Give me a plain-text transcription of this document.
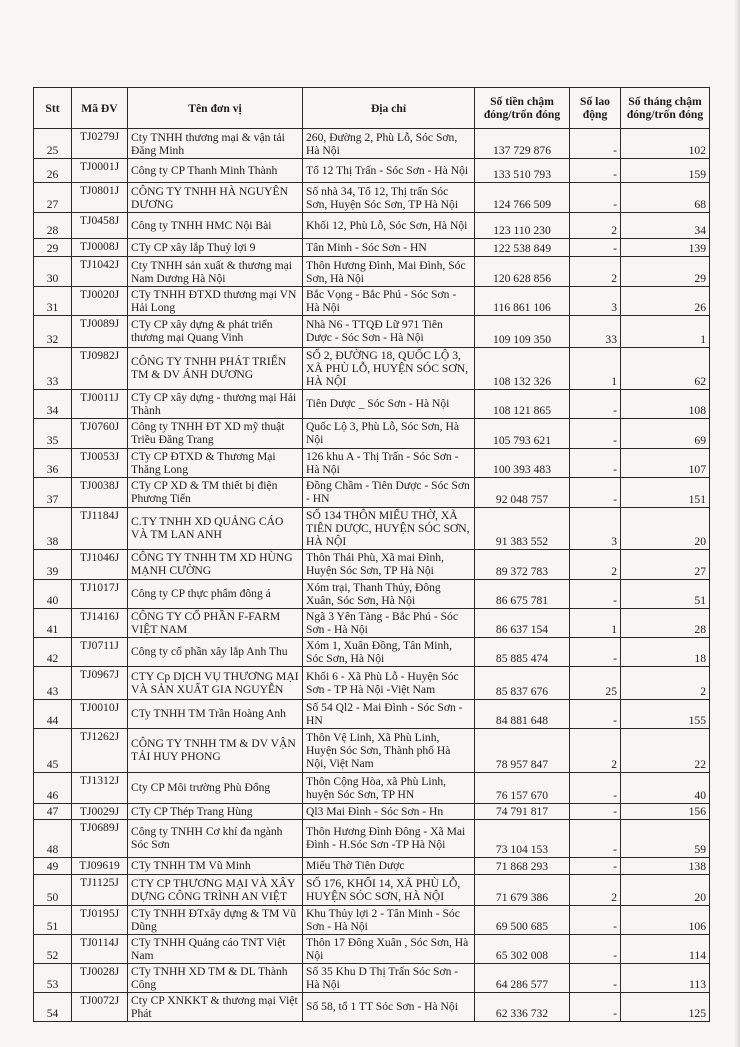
Stt	Mã ĐV	Tên đơn vị	Địa chỉ	Số tiền chậm đóng/trốn đóng	Số lao động	Số tháng chậm đóng/trốn đóng
25	TJ0279J	Cty TNHH thương mại & vận tải Đăng Minh	260, Đường 2, Phù Lỗ, Sóc Sơn, Hà Nội	137 729 876	-	102
26	TJ0001J	Công ty CP Thanh Minh Thành	Tổ 12 Thị Trấn - Sóc Sơn - Hà Nội	133 510 793	-	159
27	TJ0801J	CÔNG TY TNHH HÀ NGUYÊN DƯƠNG	Số nhà 34, Tổ 12, Thị trấn Sóc Sơn, Huyện Sóc Sơn, TP Hà Nội	124 766 509	-	68
28	TJ0458J	Công ty TNHH HMC Nội Bài	Khối 12, Phù Lỗ, Sóc Sơn, Hà Nội	123 110 230	2	34
29	TJ0008J	CTy CP xây lắp Thuỷ lợi 9	Tân Minh - Sóc Sơn - HN	122 538 849	-	139
30	TJ1042J	Cty TNHH sản xuất & thương mại Nam Dương Hà Nội	Thôn Hương Đình, Mai Đình, Sóc Sơn, Hà Nội	120 628 856	2	29
31	TJ0020J	CTy TNHH ĐTXD thương mại VN Hải Long	Bắc Vọng - Bắc Phú - Sóc Sơn - Hà Nội	116 861 106	3	26
32	TJ0089J	CTy CP xây dựng & phát triển thương mại Quang Vinh	Nhà N6 - TTQĐ Lữ 971 Tiên Dược - Sóc Sơn - Hà Nội	109 109 350	33	1
33	TJ0982J	CÔNG TY TNHH PHÁT TRIỂN TM & DV ÁNH DƯƠNG	SỐ 2, ĐƯỜNG 18, QUỐC LỘ 3, XÃ PHÙ LỖ, HUYỆN SÓC SƠN, HÀ NỘI	108 132 326	1	62
34	TJ0011J	CTy CP xây dựng - thương mại Hải Thành	Tiên Dược _ Sóc Sơn - Hà Nội	108 121 865	-	108
35	TJ0760J	Công ty TNHH ĐT XD mỹ thuật Triều Đăng Trang	Quốc Lộ 3, Phù Lỗ, Sóc Sơn, Hà Nội	105 793 621	-	69
36	TJ0053J	CTy CP ĐTXD & Thương Mại Thăng Long	126 khu A - Thị Trấn - Sóc Sơn - Hà Nội	100 393 483	-	107
37	TJ0038J	CTy CP XD & TM thiết bị điện Phương Tiến	Đồng Chầm - Tiên Dược - Sóc Sơn - HN	92 048 757	-	151
38	TJ1184J	C.TY TNHH XD QUẢNG CÁO VÀ TM LAN ANH	SỐ 134 THÔN MIẾU THỜ, XÃ TIÊN DƯỢC, HUYỆN SÓC SƠN, HÀ NỘI	91 383 552	3	20
39	TJ1046J	CÔNG TY TNHH TM XD HÙNG MẠNH CƯỜNG	Thôn Thái Phù, Xã mai Đình, Huyện Sóc Sơn, TP Hà Nội	89 372 783	2	27
40	TJ1017J	Công ty CP thực phẩm đông á	Xóm trại, Thanh Thủy, Đông Xuân, Sóc Sơn, Hà Nội	86 675 781	-	51
41	TJ1416J	CÔNG TY CỔ PHẦN F-FARM VIỆT NAM	Ngã 3 Yên Tàng - Bắc Phú - Sóc Sơn - Hà Nội	86 637 154	1	28
42	TJ0711J	Công ty cổ phần xây lắp Anh Thu	Xóm 1, Xuân Đồng, Tân Minh, Sóc Sơn, Hà Nội	85 885 474	-	18
43	TJ0967J	CTY Cp DỊCH VỤ THƯƠNG MẠI VÀ SẢN XUẤT GIA NGUYỄN	Khối 6 - Xã Phù Lỗ - Huyện Sóc Sơn - TP Hà Nội -Việt Nam	85 837 676	25	2
44	TJ0010J	CTy TNHH TM Trần Hoàng Anh	Số 54 Ql2 - Mai Đình - Sóc Sơn - HN	84 881 648	-	155
45	TJ1262J	CÔNG TY TNHH TM & DV VẬN TẢI HUY PHONG	Thôn Vệ Linh, Xã Phù Linh, Huyện Sóc Sơn, Thành phố Hà Nội, Việt Nam	78 957 847	2	22
46	TJ1312J	Cty CP Môi trường Phù Đổng	Thôn Cộng Hòa, xã Phù Linh, huyện Sóc Sơn, TP HN	76 157 670	-	40
47	TJ0029J	CTy CP Thép Trang Hùng	Ql3 Mai Đình - Sóc Sơn - Hn	74 791 817	-	156
48	TJ0689J	Công ty TNHH Cơ khí đa ngành Sóc Sơn	Thôn Hương Đình Đông - Xã Mai Đình - H.Sóc Sơn -TP Hà Nội	73 104 153	-	59
49	TJ09619	CTy TNHH TM Vũ Minh	Miếu Thờ Tiên Dược	71 868 293	-	138
50	TJ1125J	CTY CP THƯƠNG MẠI VÀ XÂY DỰNG CÔNG TRÌNH AN VIỆT	SỐ 176, KHỐI 14, XÃ PHÙ LỖ, HUYỆN SÓC SƠN, HÀ NỘI	71 679 386	2	20
51	TJ0195J	CTy TNHH ĐTxây dựng & TM Vũ Dũng	Khu Thủy lợi 2 - Tân Minh - Sóc Sơn - Hà Nội	69 500 685	-	106
52	TJ0114J	CTy TNHH Quảng cáo TNT Việt Nam	Thôn 17 Đông Xuân , Sóc Sơn, Hà Nội	65 302 008	-	114
53	TJ0028J	CTy TNHH XD TM & DL Thành Công	Số 35 Khu D Thị Trấn Sóc Sơn - Hà Nội	64 286 577	-	113
54	TJ0072J	Cty CP XNKKT & thương mại Việt Phát	Số 58, tổ 1 TT Sóc Sơn - Hà Nội	62 336 732	-	125
